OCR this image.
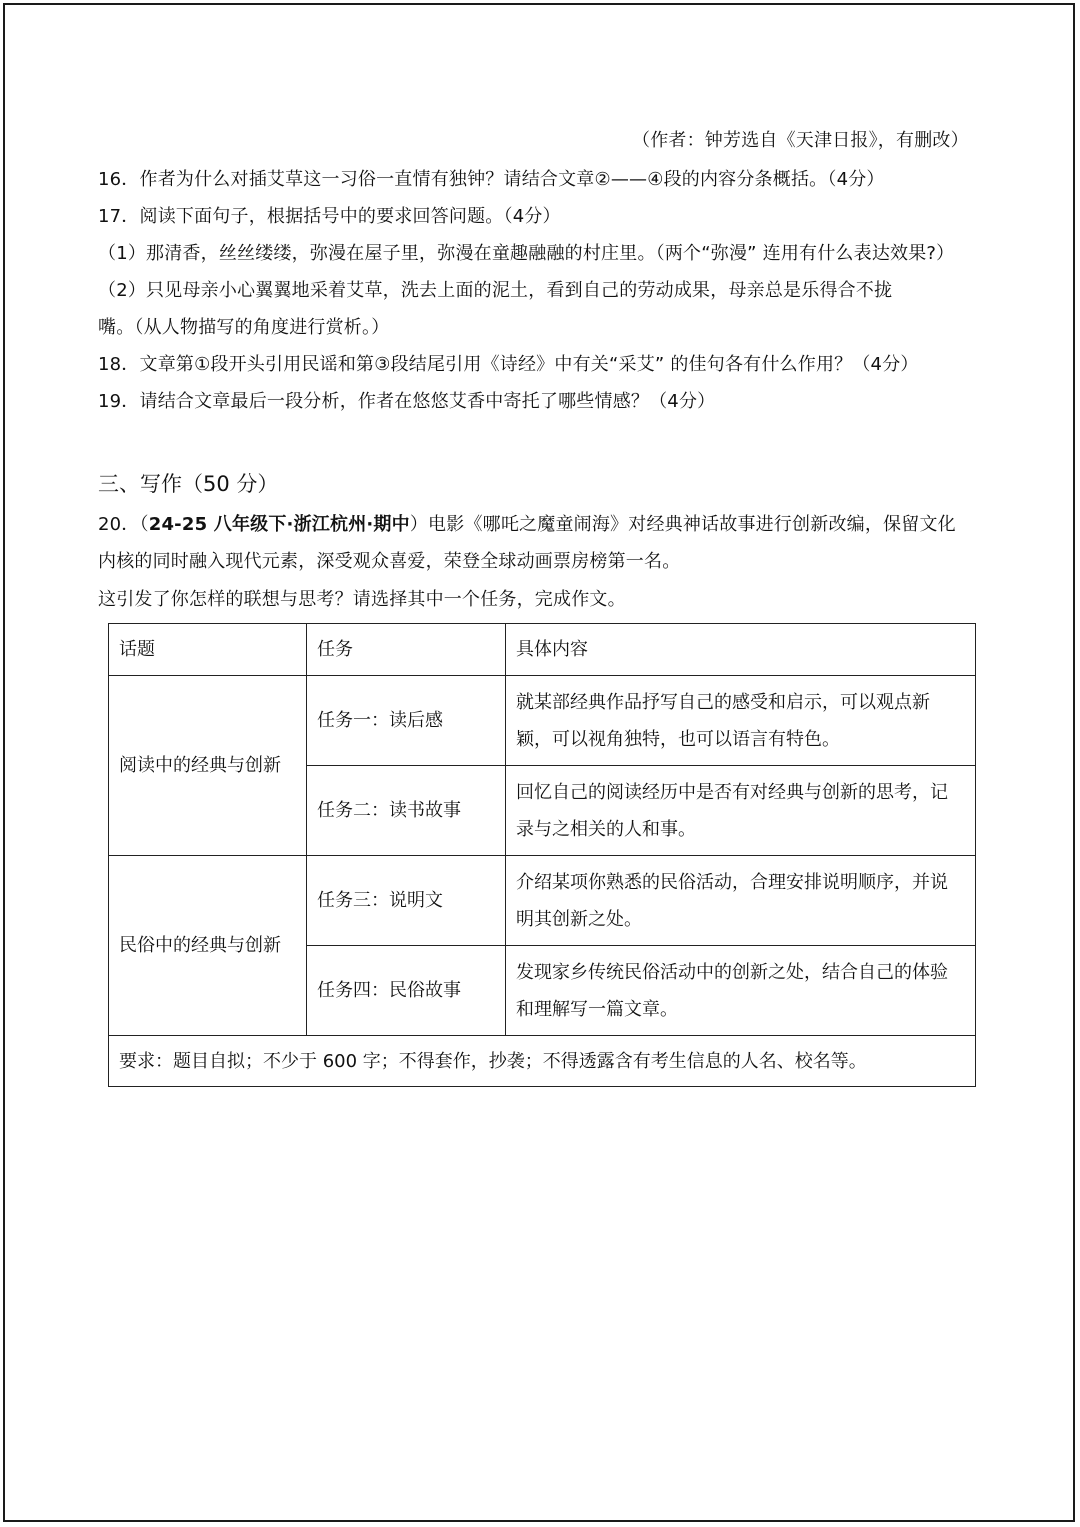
（作者：钟芳选自《天津日报》，有删改）
16．作者为什么对插艾草这一习俗一直情有独钟？请结合文章②——④段的内容分条概括。（4分）
17．阅读下面句子，根据括号中的要求回答问题。（4分）
（1）那清香，丝丝缕缕，弥漫在屋子里，弥漫在童趣融融的村庄里。（两个“弥漫” 连用有什么表达效果?）
（2）只见母亲小心翼翼地采着艾草，洗去上面的泥土，看到自己的劳动成果，母亲总是乐得合不拢
嘴。（从人物描写的角度进行赏析。）
18．文章第①段开头引用民谣和第③段结尾引用《诗经》中有关“采艾” 的佳句各有什么作用？（4分）
19．请结合文章最后一段分析，作者在悠悠艾香中寄托了哪些情感？（4分）
三、写作（50 分）
20．（24-25 八年级下·浙江杭州·期中）电影《哪吒之魔童闹海》对经典神话故事进行创新改编，保留文化
内核的同时融入现代元素，深受观众喜爱，荣登全球动画票房榜第一名。
这引发了你怎样的联想与思考？请选择其中一个任务，完成作文。
话题	任务	具体内容
阅读中的经典与创新	任务一：读后感	就某部经典作品抒写自己的感受和启示，可以观点新颖，可以视角独特，也可以语言有特色。
	任务二：读书故事	回忆自己的阅读经历中是否有对经典与创新的思考，记录与之相关的人和事。
民俗中的经典与创新	任务三：说明文	介绍某项你熟悉的民俗活动，合理安排说明顺序，并说明其创新之处。
	任务四：民俗故事	发现家乡传统民俗活动中的创新之处，结合自己的体验和理解写一篇文章。
要求：题目自拟；不少于 600 字；不得套作，抄袭；不得透露含有考生信息的人名、校名等。		
